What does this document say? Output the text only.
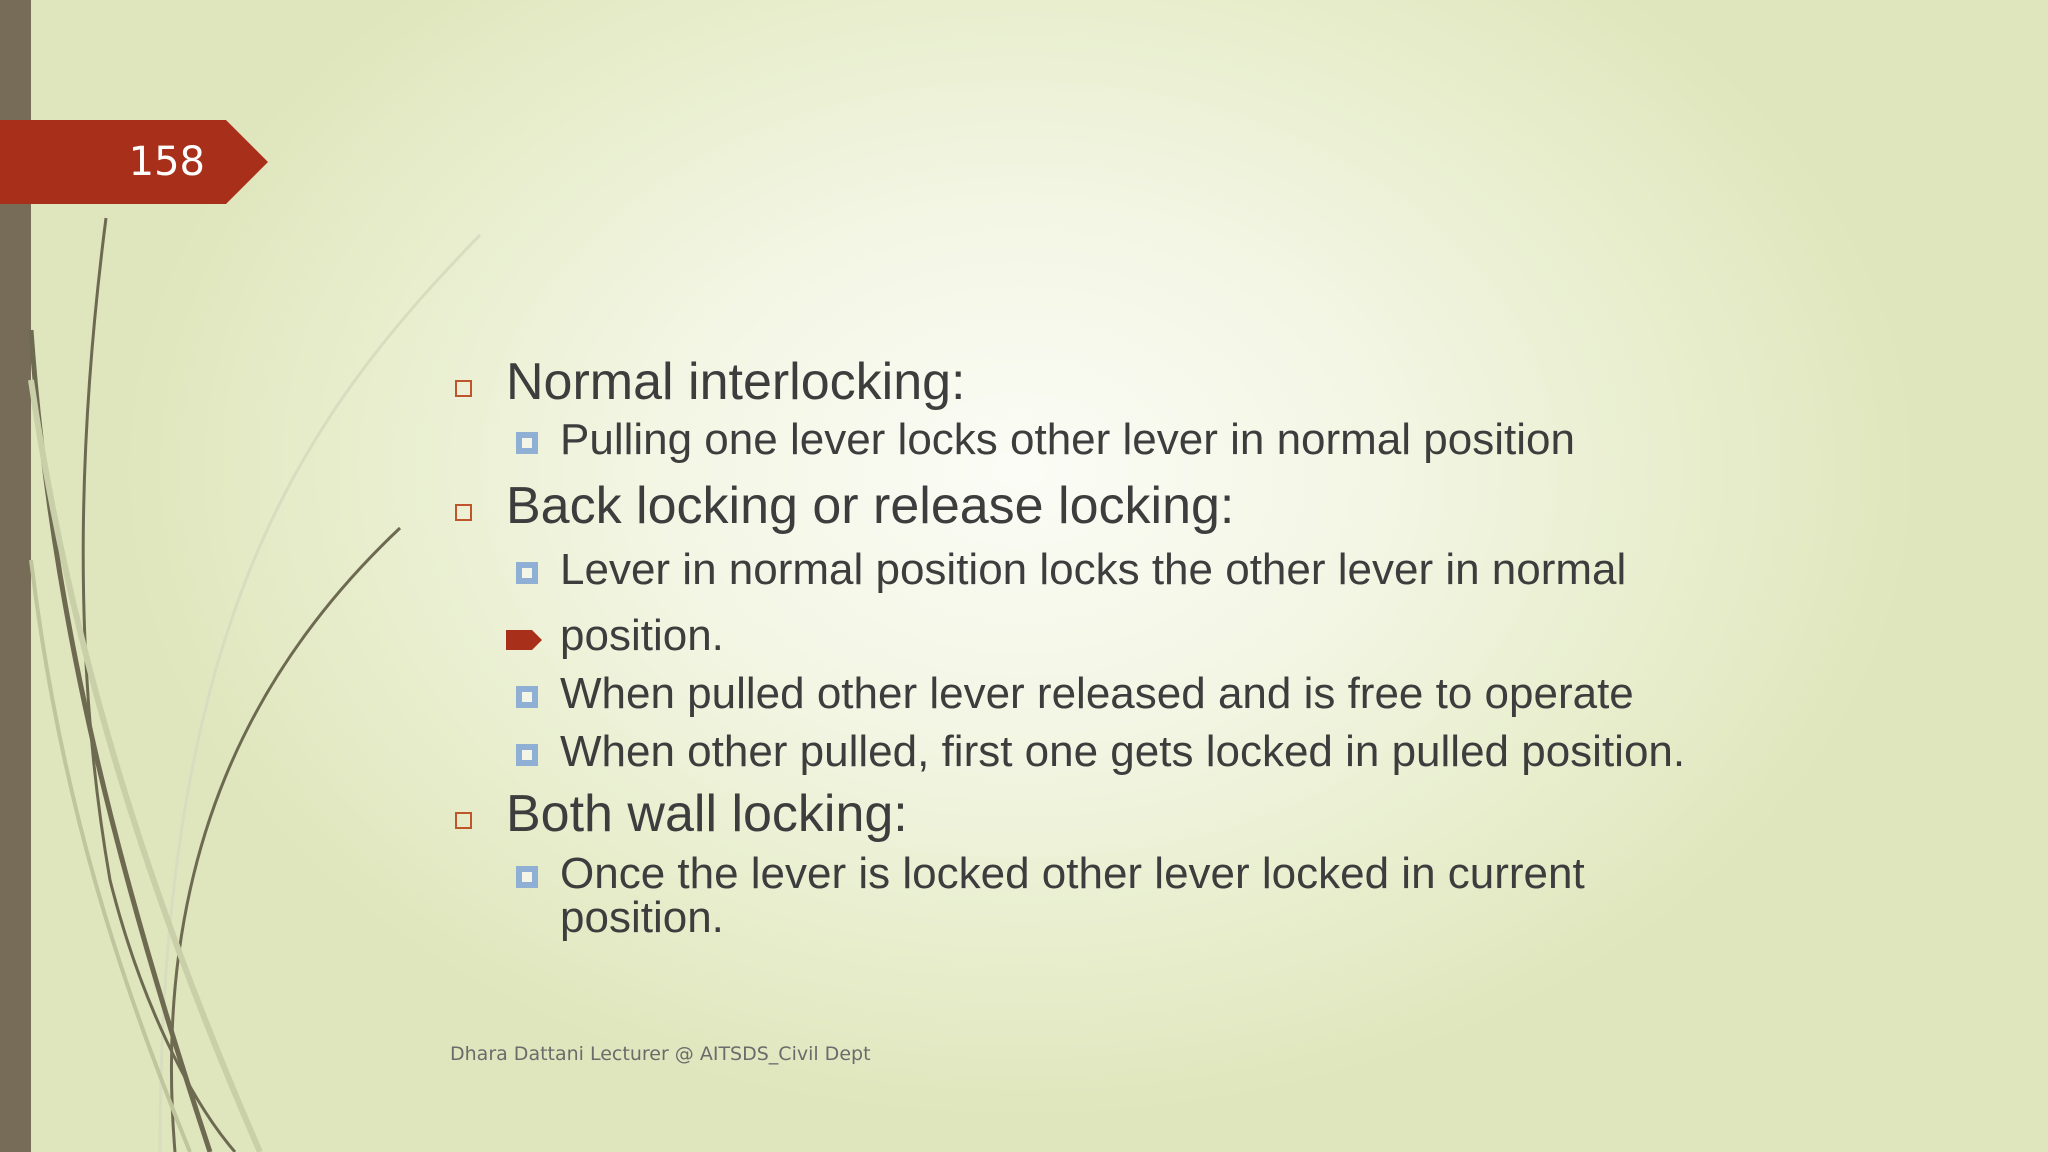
158
Normal interlocking:
Pulling one lever locks other lever in normal position
Back locking or release locking:
Lever in normal position locks the other lever in normal
position.
When pulled other lever released and is free to operate
When other pulled, first one gets locked in pulled position.
Both wall locking:
Once the lever is locked other lever locked in current
position.
Dhara Dattani Lecturer @ AITSDS_Civil Dept
